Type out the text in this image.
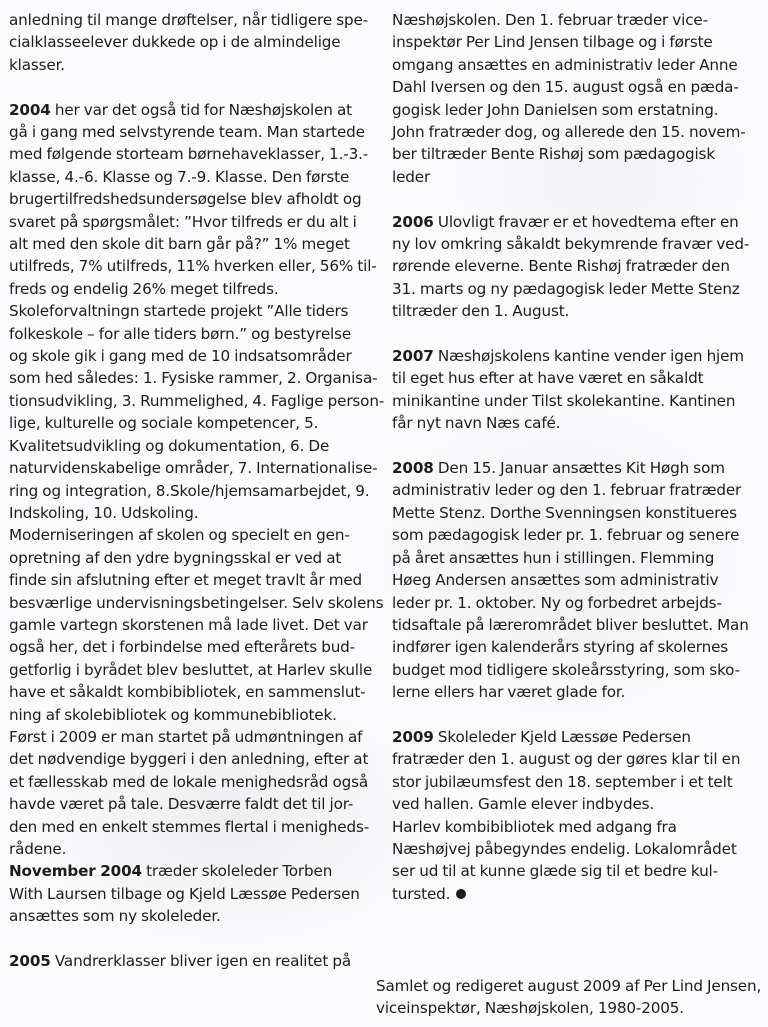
anledning til mange drøftelser, når tidligere spe-
cialklasseelever dukkede op i de almindelige
klasser.
2004 her var det også tid for Næshøjskolen at
gå i gang med selvstyrende team. Man startede
med følgende storteam børnehaveklasser, 1.-3.-
klasse, 4.-6. Klasse og 7.-9. Klasse. Den første
brugertilfredshedsundersøgelse blev afholdt og
svaret på spørgsmålet: ”Hvor tilfreds er du alt i
alt med den skole dit barn går på?” 1% meget
utilfreds, 7% utilfreds, 11% hverken eller, 56% til-
freds og endelig 26% meget tilfreds.
Skoleforvaltningn startede projekt ”Alle tiders
folkeskole – for alle tiders børn.” og bestyrelse
og skole gik i gang med de 10 indsatsområder
som hed således: 1. Fysiske rammer, 2. Organisa-
tionsudvikling, 3. Rummelighed, 4. Faglige person-
lige, kulturelle og sociale kompetencer, 5.
Kvalitetsudvikling og dokumentation, 6. De
naturvidenskabelige områder, 7. Internationalise-
ring og integration, 8.Skole/hjemsamarbejdet, 9.
Indskoling, 10. Udskoling.
Moderniseringen af skolen og specielt en gen-
opretning af den ydre bygningsskal er ved at
finde sin afslutning efter et meget travlt år med
besværlige undervisningsbetingelser. Selv skolens
gamle vartegn skorstenen må lade livet. Det var
også her, det i forbindelse med efterårets bud-
getforlig i byrådet blev besluttet, at Harlev skulle
have et såkaldt kombibibliotek, en sammenslut-
ning af skolebibliotek og kommunebibliotek.
Først i 2009 er man startet på udmøntningen af
det nødvendige byggeri i den anledning, efter at
et fællesskab med de lokale menighedsråd også
havde været på tale. Desværre faldt det til jor-
den med en enkelt stemmes flertal i menigheds-
rådene.
November 2004 træder skoleleder Torben
With Laursen tilbage og Kjeld Læssøe Pedersen
ansættes som ny skoleleder.
2005 Vandrerklasser bliver igen en realitet på
Næshøjskolen. Den 1. februar træder vice-
inspektør Per Lind Jensen tilbage og i første
omgang ansættes en administrativ leder Anne
Dahl Iversen og den 15. august også en pæda-
gogisk leder John Danielsen som erstatning.
John fratræder dog, og allerede den 15. novem-
ber tiltræder Bente Rishøj som pædagogisk
leder
2006 Ulovligt fravær er et hovedtema efter en
ny lov omkring såkaldt bekymrende fravær ved-
rørende eleverne. Bente Rishøj fratræder den
31. marts og ny pædagogisk leder Mette Stenz
tiltræder den 1. August.
2007 Næshøjskolens kantine vender igen hjem
til eget hus efter at have været en såkaldt
minikantine under Tilst skolekantine. Kantinen
får nyt navn Næs café.
2008 Den 15. Januar ansættes Kit Høgh som
administrativ leder og den 1. februar fratræder
Mette Stenz. Dorthe Svenningsen konstitueres
som pædagogisk leder pr. 1. februar og senere
på året ansættes hun i stillingen. Flemming
Høeg Andersen ansættes som administrativ
leder pr. 1. oktober. Ny og forbedret arbejds-
tidsaftale på lærerområdet bliver besluttet. Man
indfører igen kalenderårs styring af skolernes
budget mod tidligere skoleårsstyring, som sko-
lerne ellers har været glade for.
2009 Skoleleder Kjeld Læssøe Pedersen
fratræder den 1. august og der gøres klar til en
stor jubilæumsfest den 18. september i et telt
ved hallen. Gamle elever indbydes.
Harlev kombibibliotek med adgang fra
Næshøjvej påbegyndes endelig. Lokalområdet
ser ud til at kunne glæde sig til et bedre kul-
tursted.
Samlet og redigeret august 2009 af Per Lind Jensen,
viceinspektør, Næshøjskolen, 1980-2005.
